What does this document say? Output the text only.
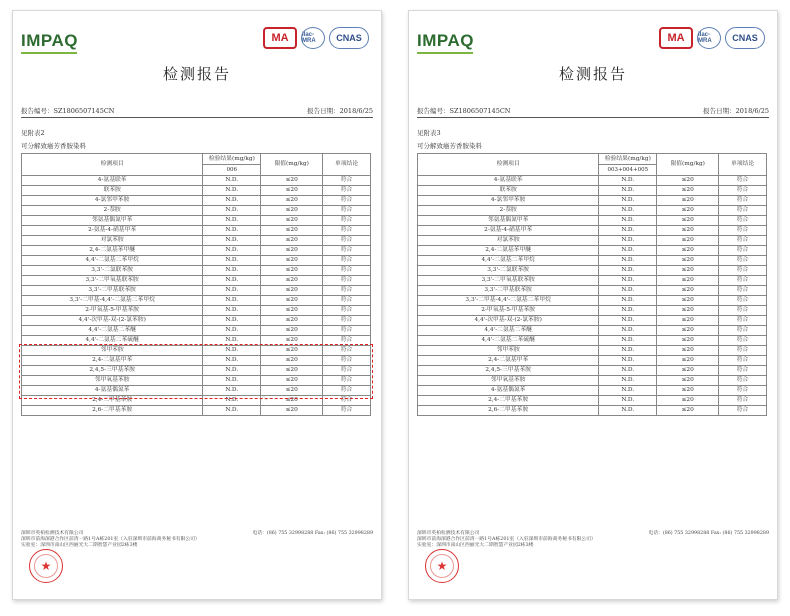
IMPAQ	MA	ilac-MRA	CNAS
检测报告
报告编号：SZ1806507145CN	报告日期：2018/6/25
见附表2
可分解致癌芳香胺染料
检测项目	检验结果(mg/kg)	限值(mg/kg)	单项结论
	006		
4-氨基联苯	N.D.	≤20	符合
联苯胺	N.D.	≤20	符合
4-氯邻甲苯胺	N.D.	≤20	符合
2-萘胺	N.D.	≤20	符合
邻氨基偶氮甲苯	N.D.	≤20	符合
2-氨基-4-硝基甲苯	N.D.	≤20	符合
对氯苯胺	N.D.	≤20	符合
2,4-二氨基苯甲醚	N.D.	≤20	符合
4,4'-二氨基二苯甲烷	N.D.	≤20	符合
3,3'-二氯联苯胺	N.D.	≤20	符合
3,3'-二甲氧基联苯胺	N.D.	≤20	符合
3,3'-二甲基联苯胺	N.D.	≤20	符合
3,3'-二甲基-4,4'-二氨基二苯甲烷	N.D.	≤20	符合
2-甲氧基-5-甲基苯胺	N.D.	≤20	符合
4,4'-次甲基-双-(2-氯苯胺)	N.D.	≤20	符合
4,4'-二氨基二苯醚	N.D.	≤20	符合
4,4'-二氨基二苯硫醚	N.D.	≤20	符合
邻甲苯胺	N.D.	≤20	符合
2,4-二氨基甲苯	N.D.	≤20	符合
2,4,5-三甲基苯胺	N.D.	≤20	符合
邻甲氧基苯胺	N.D.	≤20	符合
4-氨基偶氮苯	N.D.	≤20	符合
2,4-二甲基苯胺	N.D.	≤20	符合
2,6-二甲基苯胺	N.D.	≤20	符合
八
深圳市英柏检测技术有限公司	电话：(86) 755 32998288 Fax: (86) 755 32998289
深圳市前海深港合作区前湾一路1号A栋201室（入驻深圳市前海商务秘书有限公司）
实验室：深圳市南山区西丽光大二期智慧产业园2栋3楼
★
IMPAQ	MA	ilac-MRA	CNAS
检测报告
报告编号：SZ1806507145CN	报告日期：2018/6/25
见附表3
可分解致癌芳香胺染料
检测项目	检验结果(mg/kg)	限值(mg/kg)	单项结论
	003+004+005		
4-氨基联苯	N.D.	≤20	符合
联苯胺	N.D.	≤20	符合
4-氯邻甲苯胺	N.D.	≤20	符合
2-萘胺	N.D.	≤20	符合
邻氨基偶氮甲苯	N.D.	≤20	符合
2-氨基-4-硝基甲苯	N.D.	≤20	符合
对氯苯胺	N.D.	≤20	符合
2,4-二氨基苯甲醚	N.D.	≤20	符合
4,4'-二氨基二苯甲烷	N.D.	≤20	符合
3,3'-二氯联苯胺	N.D.	≤20	符合
3,3'-二甲氧基联苯胺	N.D.	≤20	符合
3,3'-二甲基联苯胺	N.D.	≤20	符合
3,3'-二甲基-4,4'-二氨基二苯甲烷	N.D.	≤20	符合
2-甲氧基-5-甲基苯胺	N.D.	≤20	符合
4,4'-次甲基-双-(2-氯苯胺)	N.D.	≤20	符合
4,4'-二氨基二苯醚	N.D.	≤20	符合
4,4'-二氨基二苯硫醚	N.D.	≤20	符合
邻甲苯胺	N.D.	≤20	符合
2,4-二氨基甲苯	N.D.	≤20	符合
2,4,5-三甲基苯胺	N.D.	≤20	符合
邻甲氧基苯胺	N.D.	≤20	符合
4-氨基偶氮苯	N.D.	≤20	符合
2,4-二甲基苯胺	N.D.	≤20	符合
2,6-二甲基苯胺	N.D.	≤20	符合
深圳市英柏检测技术有限公司	电话：(86) 755 32998288 Fax: (86) 755 32998289
深圳市前海深港合作区前湾一路1号A栋201室（入驻深圳市前海商务秘书有限公司）
实验室：深圳市南山区西丽光大二期智慧产业园2栋3楼
★
